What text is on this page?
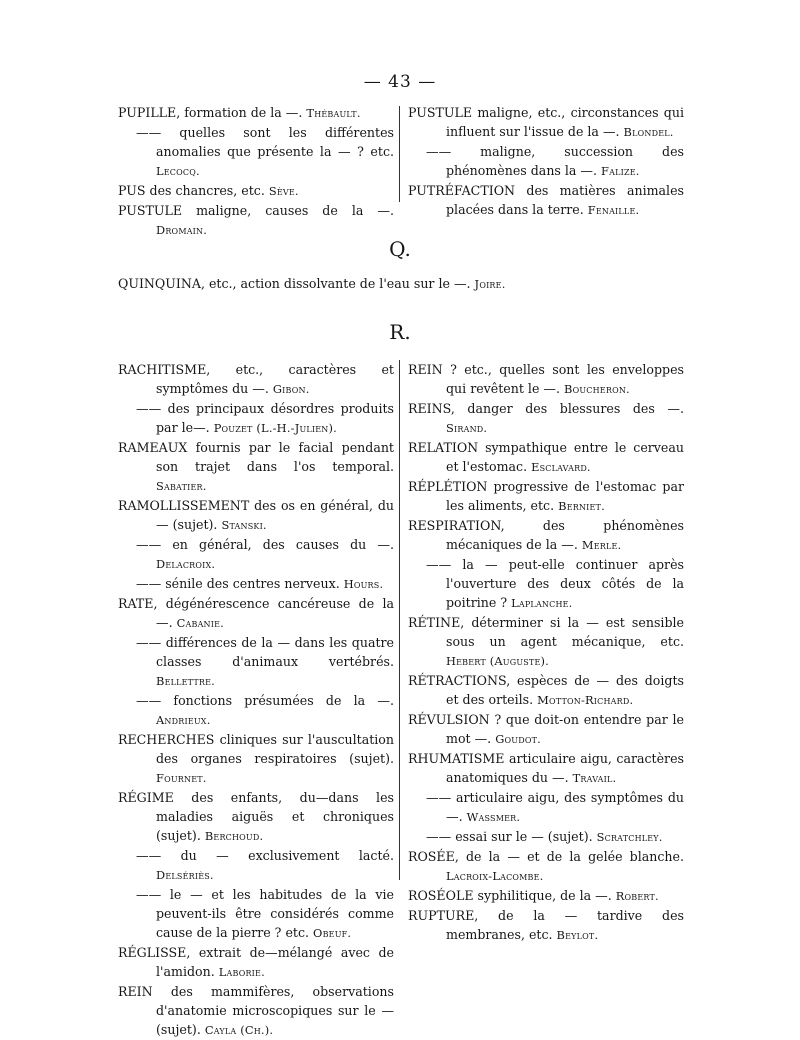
— 43 —

PUPILLE, formation de la —. Thébault.

—— quelles sont les différentes anomalies que présente la — ? etc. Lecocq.

PUS des chancres, etc. Sève.

PUSTULE maligne, causes de la —. Dromain.

PUSTULE maligne, etc., circonstances qui influent sur l'issue de la —. Blondel.

—— maligne, succession des phénomènes dans la —. Falize.

PUTRÉFACTION des matières animales placées dans la terre. Fenaille.

Q.
QUINQUINA, etc., action dissolvante de l'eau sur le —. Joire.
R.

RACHITISME, etc., caractères et symptômes du —. Gibon.

—— des principaux désordres produits par le—. Pouzet (L.-H.-Julien).

RAMEAUX fournis par le facial pendant son trajet dans l'os temporal. Sabatier.

RAMOLLISSEMENT des os en général, du — (sujet). Stanski.

—— en général, des causes du —. Delacroix.

—— sénile des centres nerveux. Hours.

RATE, dégénérescence cancéreuse de la —. Cabanie.

—— différences de la — dans les quatre classes d'animaux vertébrés. Bellettre.

—— fonctions présumées de la —. Andrieux.

RECHERCHES cliniques sur l'auscultation des organes respiratoires (sujet). Fournet.

RÉGIME des enfants, du—dans les maladies aiguës et chroniques (sujet). Berchoud.

—— du — exclusivement lacté. Delsériès.

—— le — et les habitudes de la vie peuvent-ils être considérés comme cause de la pierre ? etc. Obeuf.

RÉGLISSE, extrait de—mélangé avec de l'amidon. Laborie.

REIN des mammifères, observations d'anatomie microscopiques sur le — (sujet). Cayla (Ch.).

REIN ? etc., quelles sont les enveloppes qui revêtent le —. Boucheron.

REINS, danger des blessures des —. Sirand.

RELATION sympathique entre le cerveau et l'estomac. Esclavard.

RÉPLÉTION progressive de l'estomac par les aliments, etc. Berniet.

RESPIRATION, des phénomènes mécaniques de la —. Merle.

—— la — peut-elle continuer après l'ouverture des deux côtés de la poitrine ? Laplanche.

RÉTINE, déterminer si la — est sensible sous un agent mécanique, etc. Hebert (Auguste).

RÉTRACTIONS, espèces de — des doigts et des orteils. Motton-Richard.

RÉVULSION ? que doit-on entendre par le mot —. Goudot.

RHUMATISME articulaire aigu, caractères anatomiques du —. Travail.

—— articulaire aigu, des symptômes du —. Wassmer.

—— essai sur le — (sujet). Scratchley.

ROSÉE, de la — et de la gelée blanche. Lacroix-Lacombe.

ROSÉOLE syphilitique, de la —. Robert.

RUPTURE, de la — tardive des membranes, etc. Beylot.
